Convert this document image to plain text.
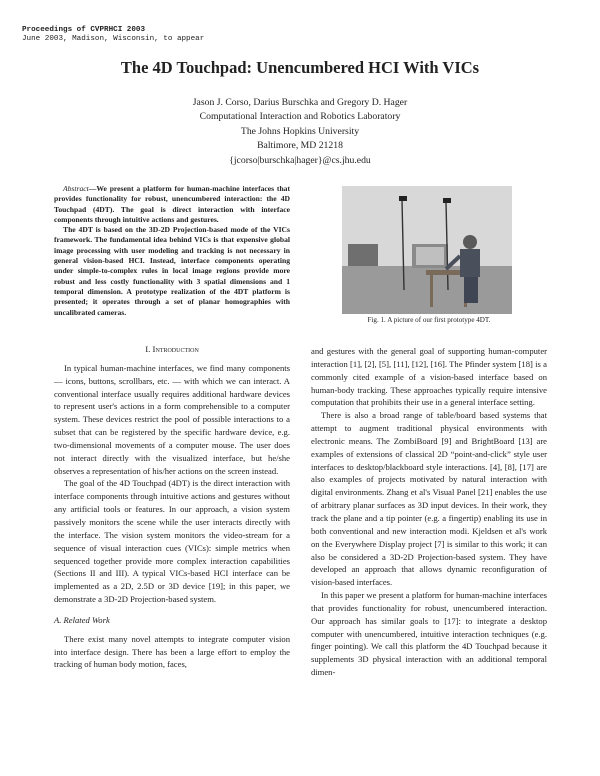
Proceedings of CVPRHCI 2003
June 2003, Madison, Wisconsin, to appear
The 4D Touchpad: Unencumbered HCI With VICs
Jason J. Corso, Darius Burschka and Gregory D. Hager
Computational Interaction and Robotics Laboratory
The Johns Hopkins University
Baltimore, MD 21218
{jcorso|burschka|hager}@cs.jhu.edu

Abstract—We present a platform for human-machine interfaces that provides functionality for robust, unencumbered interaction: the 4D Touchpad (4DT). The goal is direct interaction with interface components through intuitive actions and gestures.

The 4DT is based on the 3D-2D Projection-based mode of the VICs framework. The fundamental idea behind VICs is that expensive global image processing with user modeling and tracking is not necessary in general vision-based HCI. Instead, interface components operating under simple-to-complex rules in local image regions provide more robust and less costly functionality with 3 spatial dimensions and 1 temporal dimension. A prototype realization of the 4DT platform is presented; it operates through a set of planar homographies with uncalibrated cameras.

Fig. 1. A picture of our first prototype 4DT.
I. Introduction

In typical human-machine interfaces, we find many components — icons, buttons, scrollbars, etc. — with which we can interact. A conventional interface usually requires additional hardware devices to represent user's actions in a form comprehensible to a computer system. These devices restrict the pool of possible interactions to a subset that can be registered by the specific hardware device, e.g. two-dimensional movements of a computer mouse. The user does not interact directly with the visualized interface, but he/she observes a representation of his/her actions on the screen instead.

The goal of the 4D Touchpad (4DT) is the direct interaction with interface components through intuitive actions and gestures without any artificial tools or features. In our approach, a vision system passively monitors the scene while the user interacts directly with the interface. The vision system monitors the video-stream for a sequence of visual interaction cues (VICs): simple metrics when sequenced together provide more complex interaction capabilities (Sections II and III). A typical VICs-based HCI interface can be implemented as a 2D, 2.5D or 3D device [19]; in this paper, we demonstrate a 3D-2D Projection-based system.

A. Related Work

There exist many novel attempts to integrate computer vision into interface design. There has been a large effort to employ the tracking of human body motion, faces,

and gestures with the general goal of supporting human-computer interaction [1], [2], [5], [11], [12], [16]. The Pfinder system [18] is a commonly cited example of a vision-based interface based on human-body tracking. These approaches typically require intensive computation that prohibits their use in a general interface setting.

There is also a broad range of table/board based systems that attempt to augment traditional physical environments with electronic means. The ZombiBoard [9] and BrightBoard [13] are examples of extensions of classical 2D “point-and-click” style user interfaces to desktop/blackboard style interactions. [4], [8], [17] are also examples of projects motivated by natural interaction with digital environments. Zhang et al's Visual Panel [21] enables the use of arbitrary planar surfaces as 3D input devices. In their work, they track the plane and a tip pointer (e.g. a fingertip) enabling its use in both conventional and new interaction modi. Kjeldsen et al's work on the Everywhere Display project [7] is similar to this work; it can also be considered a 3D-2D Projection-based system. They have developed an approach that allows dynamic reconfiguration of vision-based interfaces.

In this paper we present a platform for human-machine interfaces that provides functionality for robust, unencumbered interaction. Our approach has similar goals to [17]: to integrate a desktop computer with unencumbered, intuitive interaction techniques (e.g. finger pointing). We call this platform the 4D Touchpad because it supplements 3D physical interaction with an additional temporal dimen-
